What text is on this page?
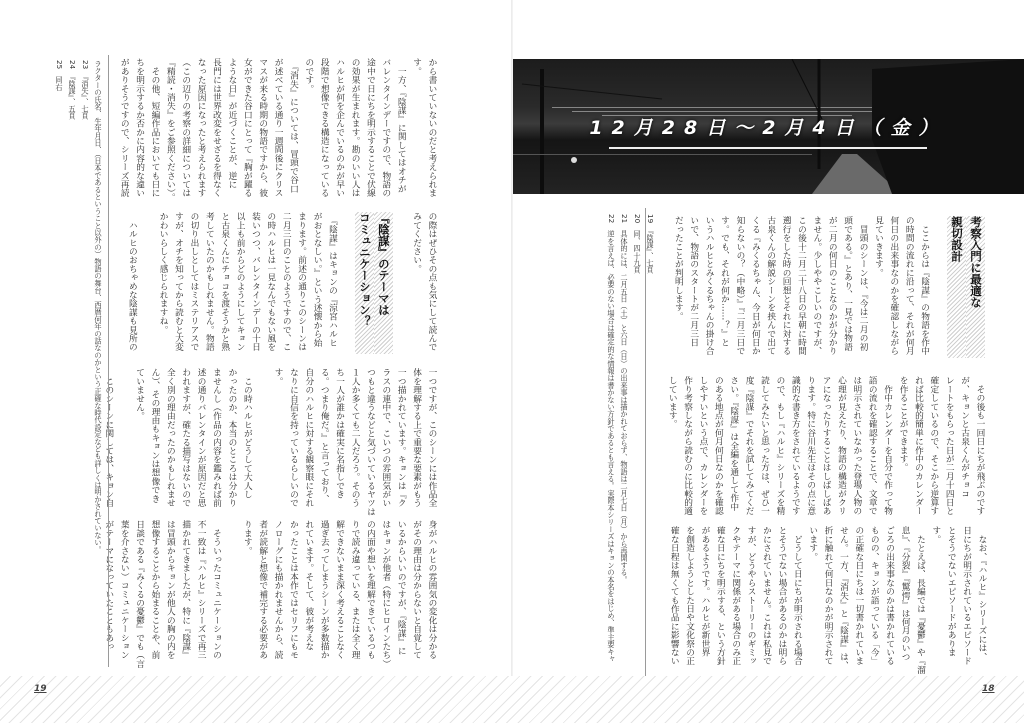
から書いていないのだと考えられま
す。
　一方、『陰謀』に関してはオチが
バレンタインデーですので、物語の
途中で日にちを明示することで伏線
の効果が生まれます。勘のいい人は
ハルヒが何を企んでいるのかが早い
段階で想像できる構造になっている
のです。
　『消失』については、冒頭で谷口
が述べている通り一週間後にクリス
マスが来る時期の物語ですから、彼
女ができた谷口にとって『胸が躍る
ような日』が近づくことが、逆に
長門には世界改変をせざるを得なく
なった原因になったと考えられます
（この辺りの考察の詳細については
『精読・消失』をご参照ください）。
　その他、短編作品においても日に
ちを明示するか否かに内容的な違い
がありそうですので、シリーズ再読
の際はぜひその点も気にして読んで
みてください。
『陰謀』のテーマは
コミュニケーション？
　『陰謀』はキョンの『涼宮ハルヒ
がおとなしい。』という述懐から始
まります。前述の通りこのシーンは
二月三日のことのようですので、こ
の時ハルヒは一見なんでもない風を
装いつつ、バレンタインデーの十日
以上も前からどのようにしてキョン
と古泉くんにチョコを渡そうかと熟
考していたのかもしれません。物語
の切り出しとしてはミステリアスで
すが、オチを知ってから読むと大変
かわいらしく感じられますね。
　ハルヒのおちゃめな陰謀も見所の
一つですが、このシーンには作品全
体を理解する上で重要な要素がもう
一つ描かれています。キョンは『ク
ラスの連中で、こいつの雰囲気がい
つもと違うなどと気づいているヤツは
１人か多くても二人だろう。そのう
ち一人が誰かは確実に名指しでき
る。つまり俺だ。』と言っており、
自分のハルヒに対する観察眼にそれ
なりに自信を持っているらしいので
す。
　この時ハルヒがどうして大人し
かったのか、本当のところは分かり
ませんし（作品の内容を鑑みれば前
述の通りバレンタインが原因だと思
われますが、確たる描写はないので
全く別の理由だったのかもしれませ
ん）、その理由もキョンは想像でき
ていません。
身がハルヒの雰囲気の変化は分かる
がその理由は分からないと自覚して
いるからいいのですが、『陰謀』に
はキョンが他者（特にヒロインたち）
の内面や想いを理解できているつも
りで読み違っている、または全く理
解できないまま深く考えることなく
過ぎ去ってしまうシーンが多数描か
れています。そして、彼が考えな
かったことは本作ではセリフにもモ
ノローグにも描かれませんから、読
者が読解と想像で補完する必要があ
ります。
　そういったコミュニケーションの
不一致は『ハルヒ』シリーズで再三
描かれてきましたが、特に『陰謀』
は冒頭からキョンが他人の胸の内を
想像することから始まることや、前
日談である『みくるの憂鬱』でも（言
葉を介さない）コミュニケーション
ラクターの氏名、生年月日、（日本であるということ以外の）物語の舞台、西暦何年の話なのかという正確な時代設定なども詳しくは明かされていない。
23　『消失』、七頁
24　『陰謀』、五頁
25　同右
12月28日〜2月4日（金）
考察入門に最適な
親切設計
　ここからは『陰謀』の物語を作中
の時間の流れに沿って、それが何月
何日の出来事なのかを確認しながら
見ていきます。
　冒頭のシーンは、『今は二月の初
頭である。』とあり、一見では物語
が二月の何日のことなのかが分かり
ません。少しややこしいのですが、
この後十二月二十八日の早朝に時間
遡行をした時の回想とそれに対する
古泉くんの解説シーンを挟んで出て
くる『みくるちゃん、今日が何日か
知らないの？（中略）』『二月三日で
す。でも、それが何か……？』と
いうハルヒとみくるちゃんの掛け合
いで、物語のスタートが二月三日
だったことが判明します。
　その後も一回日にちが飛ぶのです
が、キョンと古泉くんがチョコ
レートをもらった日が二月十四日と
確定しているので、そこから逆算す
れば比較的簡単に作中のカレンダー
を作ることができます。
　作中カレンダーを自分で作って物
語の流れを確認することで、文章で
は明示されていなかった登場人物の
心理が見えたり、物語の構造がクリ
アになったりすることはしばしばあ
ります。特に谷川先生はその点に意
識的な書き方をされているようです
ので、もし『ハルヒ』シリーズを精
読してみたいと思った方は、ぜひ一
度『陰謀』でそれを試してみてくだ
さい。『陰謀』は全編を通して作中
のある地点が何月何日なのかを確認
しやすいという点で、カレンダーを
作り考察しながら読むのに比較的適
しています。
　なお、『ハルヒ』シリーズには、
日にちが明示されているエピソード
とそうでないエピソードがありま
す。
　たとえば、長編では『憂鬱』や『溜
息』、『分裂』『驚愕』は何月のいつ
ごろの出来事なのかは書かれている
ものの、キョンが語っている「今」
の正確な日にちは一切書かれていま
せん。一方、『消失』と『陰謀』は、
折に触れて何日なのかが明示されて
います。
　どうして日にちが明示される場合
とそうでない場合があるのかは明ら
かにされていません。これは私見で
すが、どうやらストーリーのギミッ
クやテーマに関係がある場合のみ正
確な日にちを明示する、という方針
があるようです。ハルヒが新世界
を創造しようとした日や文化祭の正
確な日程は無くても作品に影響ない
19　『陰謀』、七頁
20　同、四十九頁
21　具体的には、二月五日（土）と六日（日）の出来事は描かれておらず、物語は二月七日（月）から再開する。
22　逆を言えば、必要のない場合は確定的な情報は書かない方針であるとも言える。実際本シリーズはキョンの本名をはじめ、準主要キャ
19	18
